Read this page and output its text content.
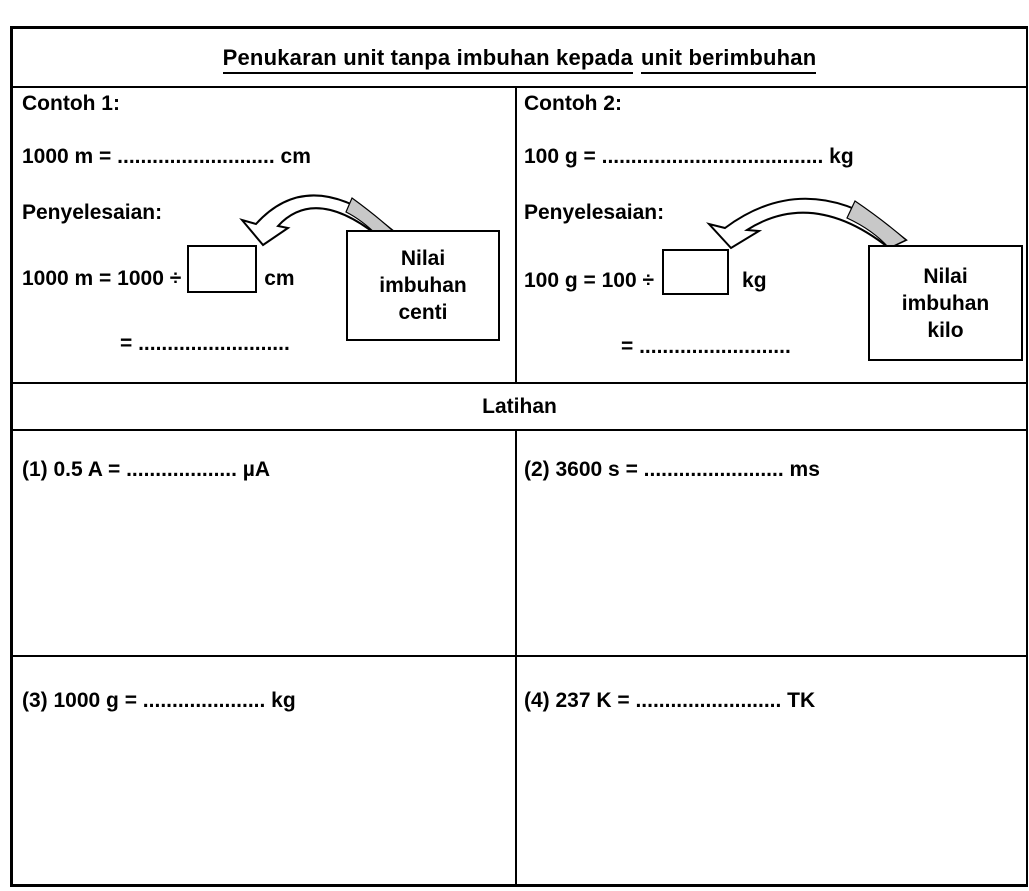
Penukaran unit tanpa imbuhan kepada unit berimbuhan
Contoh 1:
1000 m = ........................... cm
Penyelesaian:
1000 m = 1000 ÷	cm
= ..........................
Nilai
imbuhan
centi
Contoh 2:
100 g = ...................................... kg
Penyelesaian:
100 g = 100 ÷	kg
= ..........................
Nilai
imbuhan
kilo
Latihan
(1) 0.5 A = ................... µA	(2) 3600 s = ........................ ms
(3) 1000 g = ..................... kg	(4) 237 K = ......................... TK
